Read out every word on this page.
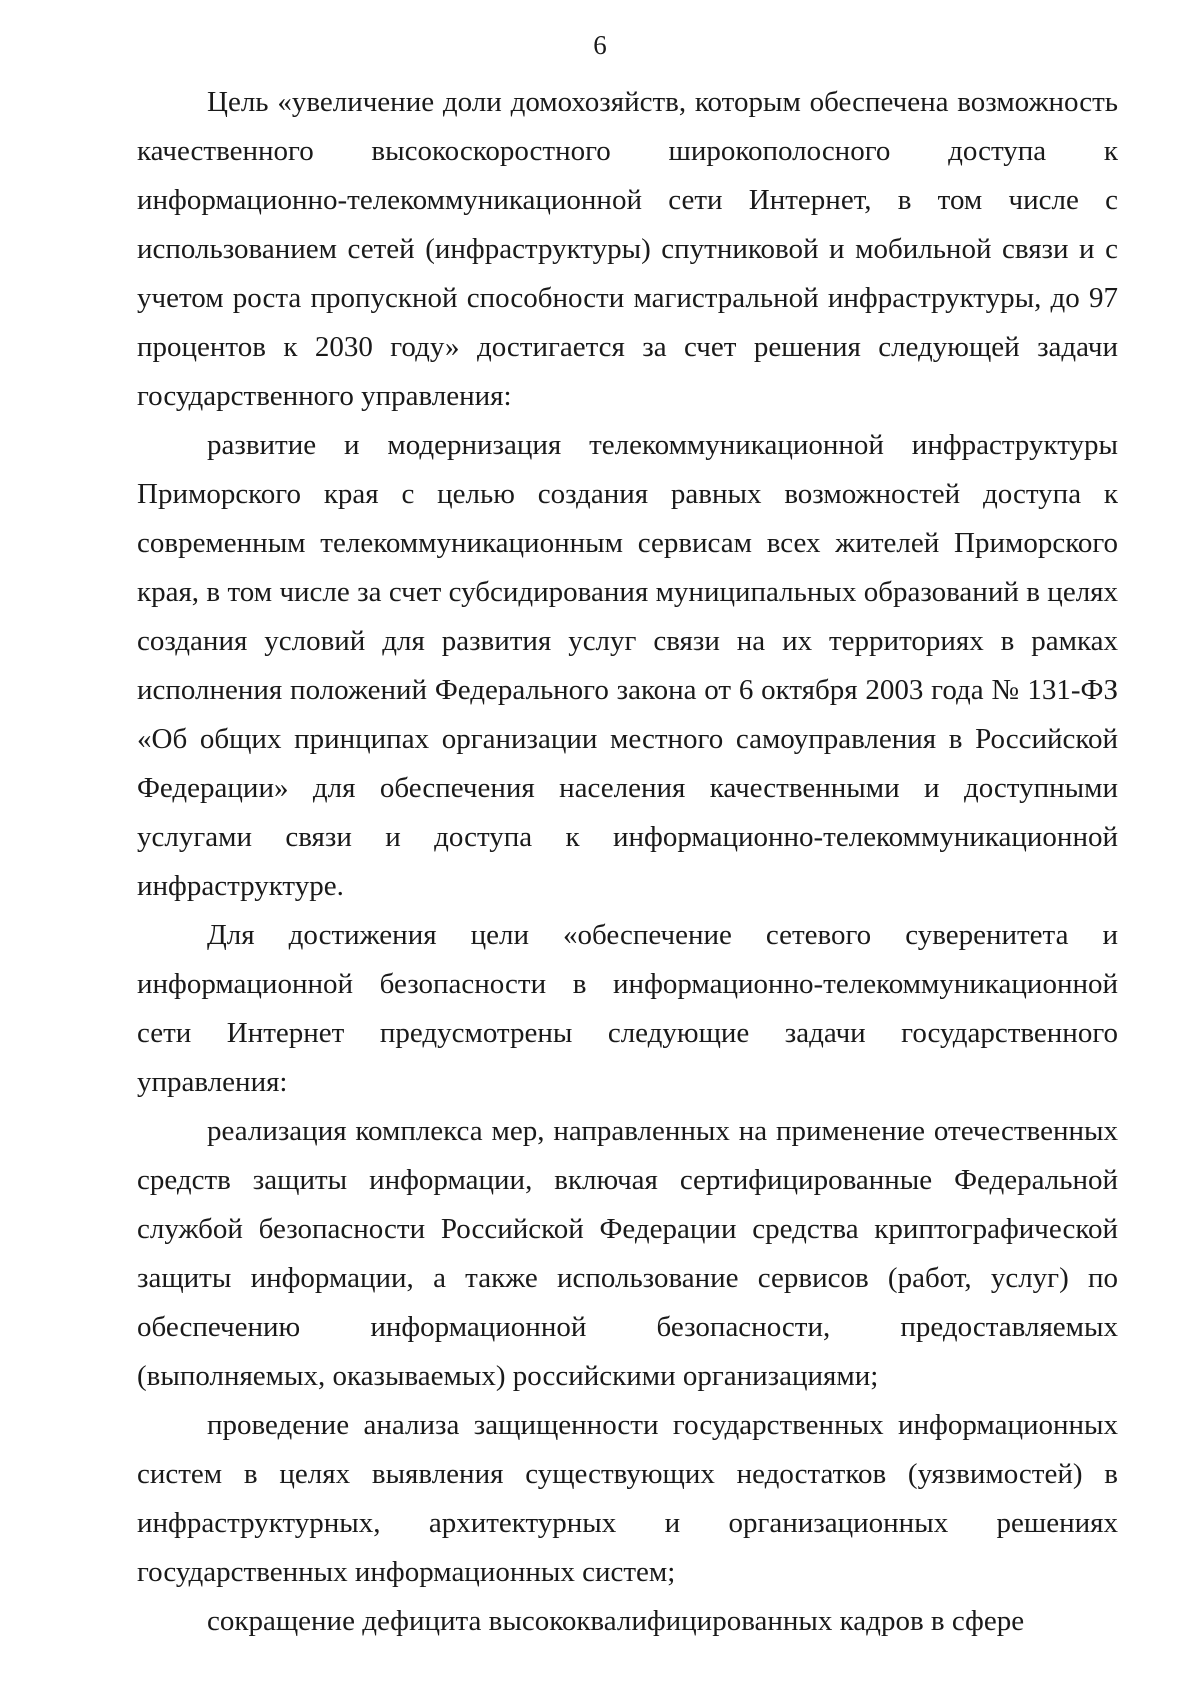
6

Цель «увеличение доли домохозяйств, которым обеспечена возможность качественного высокоскоростного широкополосного доступа к информационно-телекоммуникационной сети Интернет, в том числе с использованием сетей (инфраструктуры) спутниковой и мобильной связи и с учетом роста пропускной способности магистральной инфраструктуры, до 97 процентов к 2030 году» достигается за счет решения следующей задачи государственного управления:

развитие и модернизация телекоммуникационной инфраструктуры Приморского края с целью создания равных возможностей доступа к современным телекоммуникационным сервисам всех жителей Приморского края, в том числе за счет субсидирования муниципальных образований в целях создания условий для развития услуг связи на их территориях в рамках исполнения положений Федерального закона от 6 октября 2003 года № 131-ФЗ «Об общих принципах организации местного самоуправления в Российской Федерации» для обеспечения населения качественными и доступными услугами связи и доступа к информационно-телекоммуникационной инфраструктуре.

Для достижения цели «обеспечение сетевого суверенитета и информационной безопасности в информационно-телекоммуникационной сети Интернет предусмотрены следующие задачи государственного управления:

реализация комплекса мер, направленных на применение отечественных средств защиты информации, включая сертифицированные Федеральной службой безопасности Российской Федерации средства криптографической защиты информации, а также использование сервисов (работ, услуг) по обеспечению информационной безопасности, предоставляемых (выполняемых, оказываемых) российскими организациями;

проведение анализа защищенности государственных информационных систем в целях выявления существующих недостатков (уязвимостей) в инфраструктурных, архитектурных и организационных решениях государственных информационных систем;

сокращение дефицита высококвалифицированных кадров в сфере
